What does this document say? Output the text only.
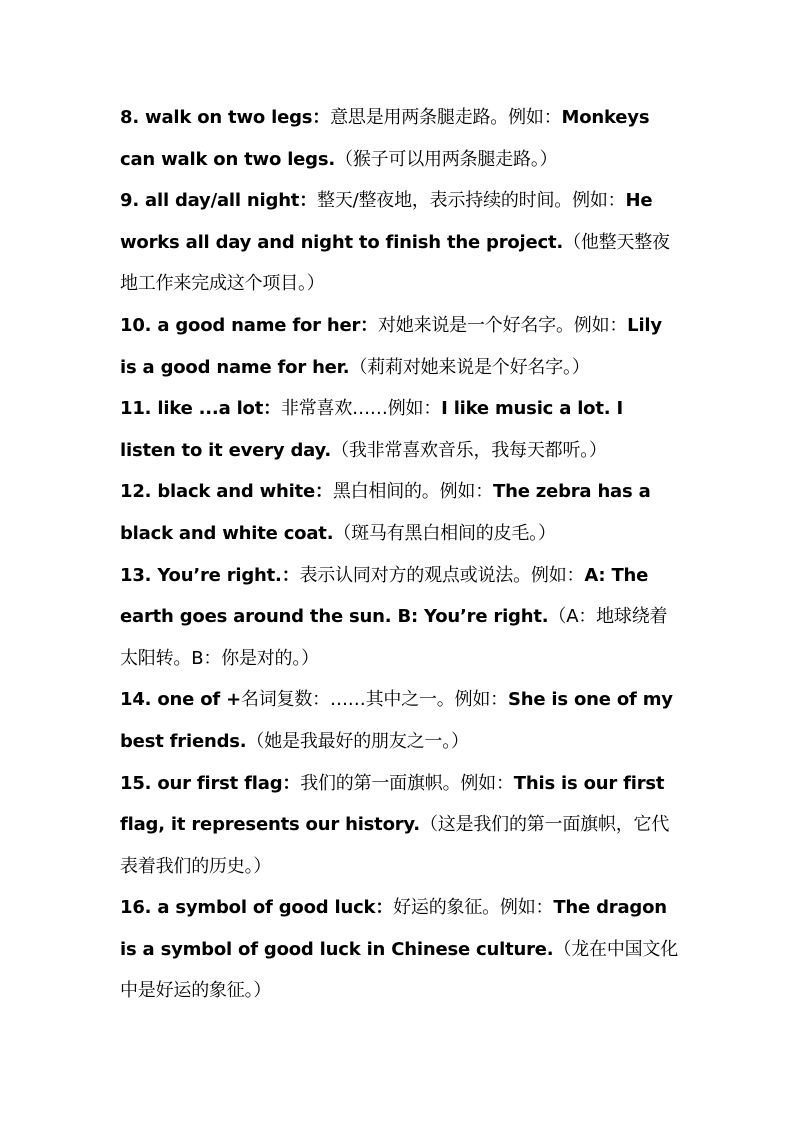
8. walk on two legs：意思是用两条腿走路。例如：Monkeys can walk on two legs.（猴子可以用两条腿走路。）

9. all day/all night：整天/整夜地，表示持续的时间。例如：He works all day and night to finish the project.（他整天整夜地工作来完成这个项目。）

10. a good name for her：对她来说是一个好名字。例如：Lily is a good name for her.（莉莉对她来说是个好名字。）

11. like ...a lot：非常喜欢……例如：I like music a lot. I listen to it every day.（我非常喜欢音乐，我每天都听。）

12. black and white：黑白相间的。例如：The zebra has a black and white coat.（斑马有黑白相间的皮毛。）

13. You’re right.：表示认同对方的观点或说法。例如：A: The earth goes around the sun. B: You’re right.（A：地球绕着太阳转。B：你是对的。）

14. one of +名词复数：……其中之一。例如：She is one of my best friends.（她是我最好的朋友之一。）

15. our first flag：我们的第一面旗帜。例如：This is our first flag, it represents our history.（这是我们的第一面旗帜，它代表着我们的历史。）

16. a symbol of good luck：好运的象征。例如：The dragon is a symbol of good luck in Chinese culture.（龙在中国文化中是好运的象征。）
